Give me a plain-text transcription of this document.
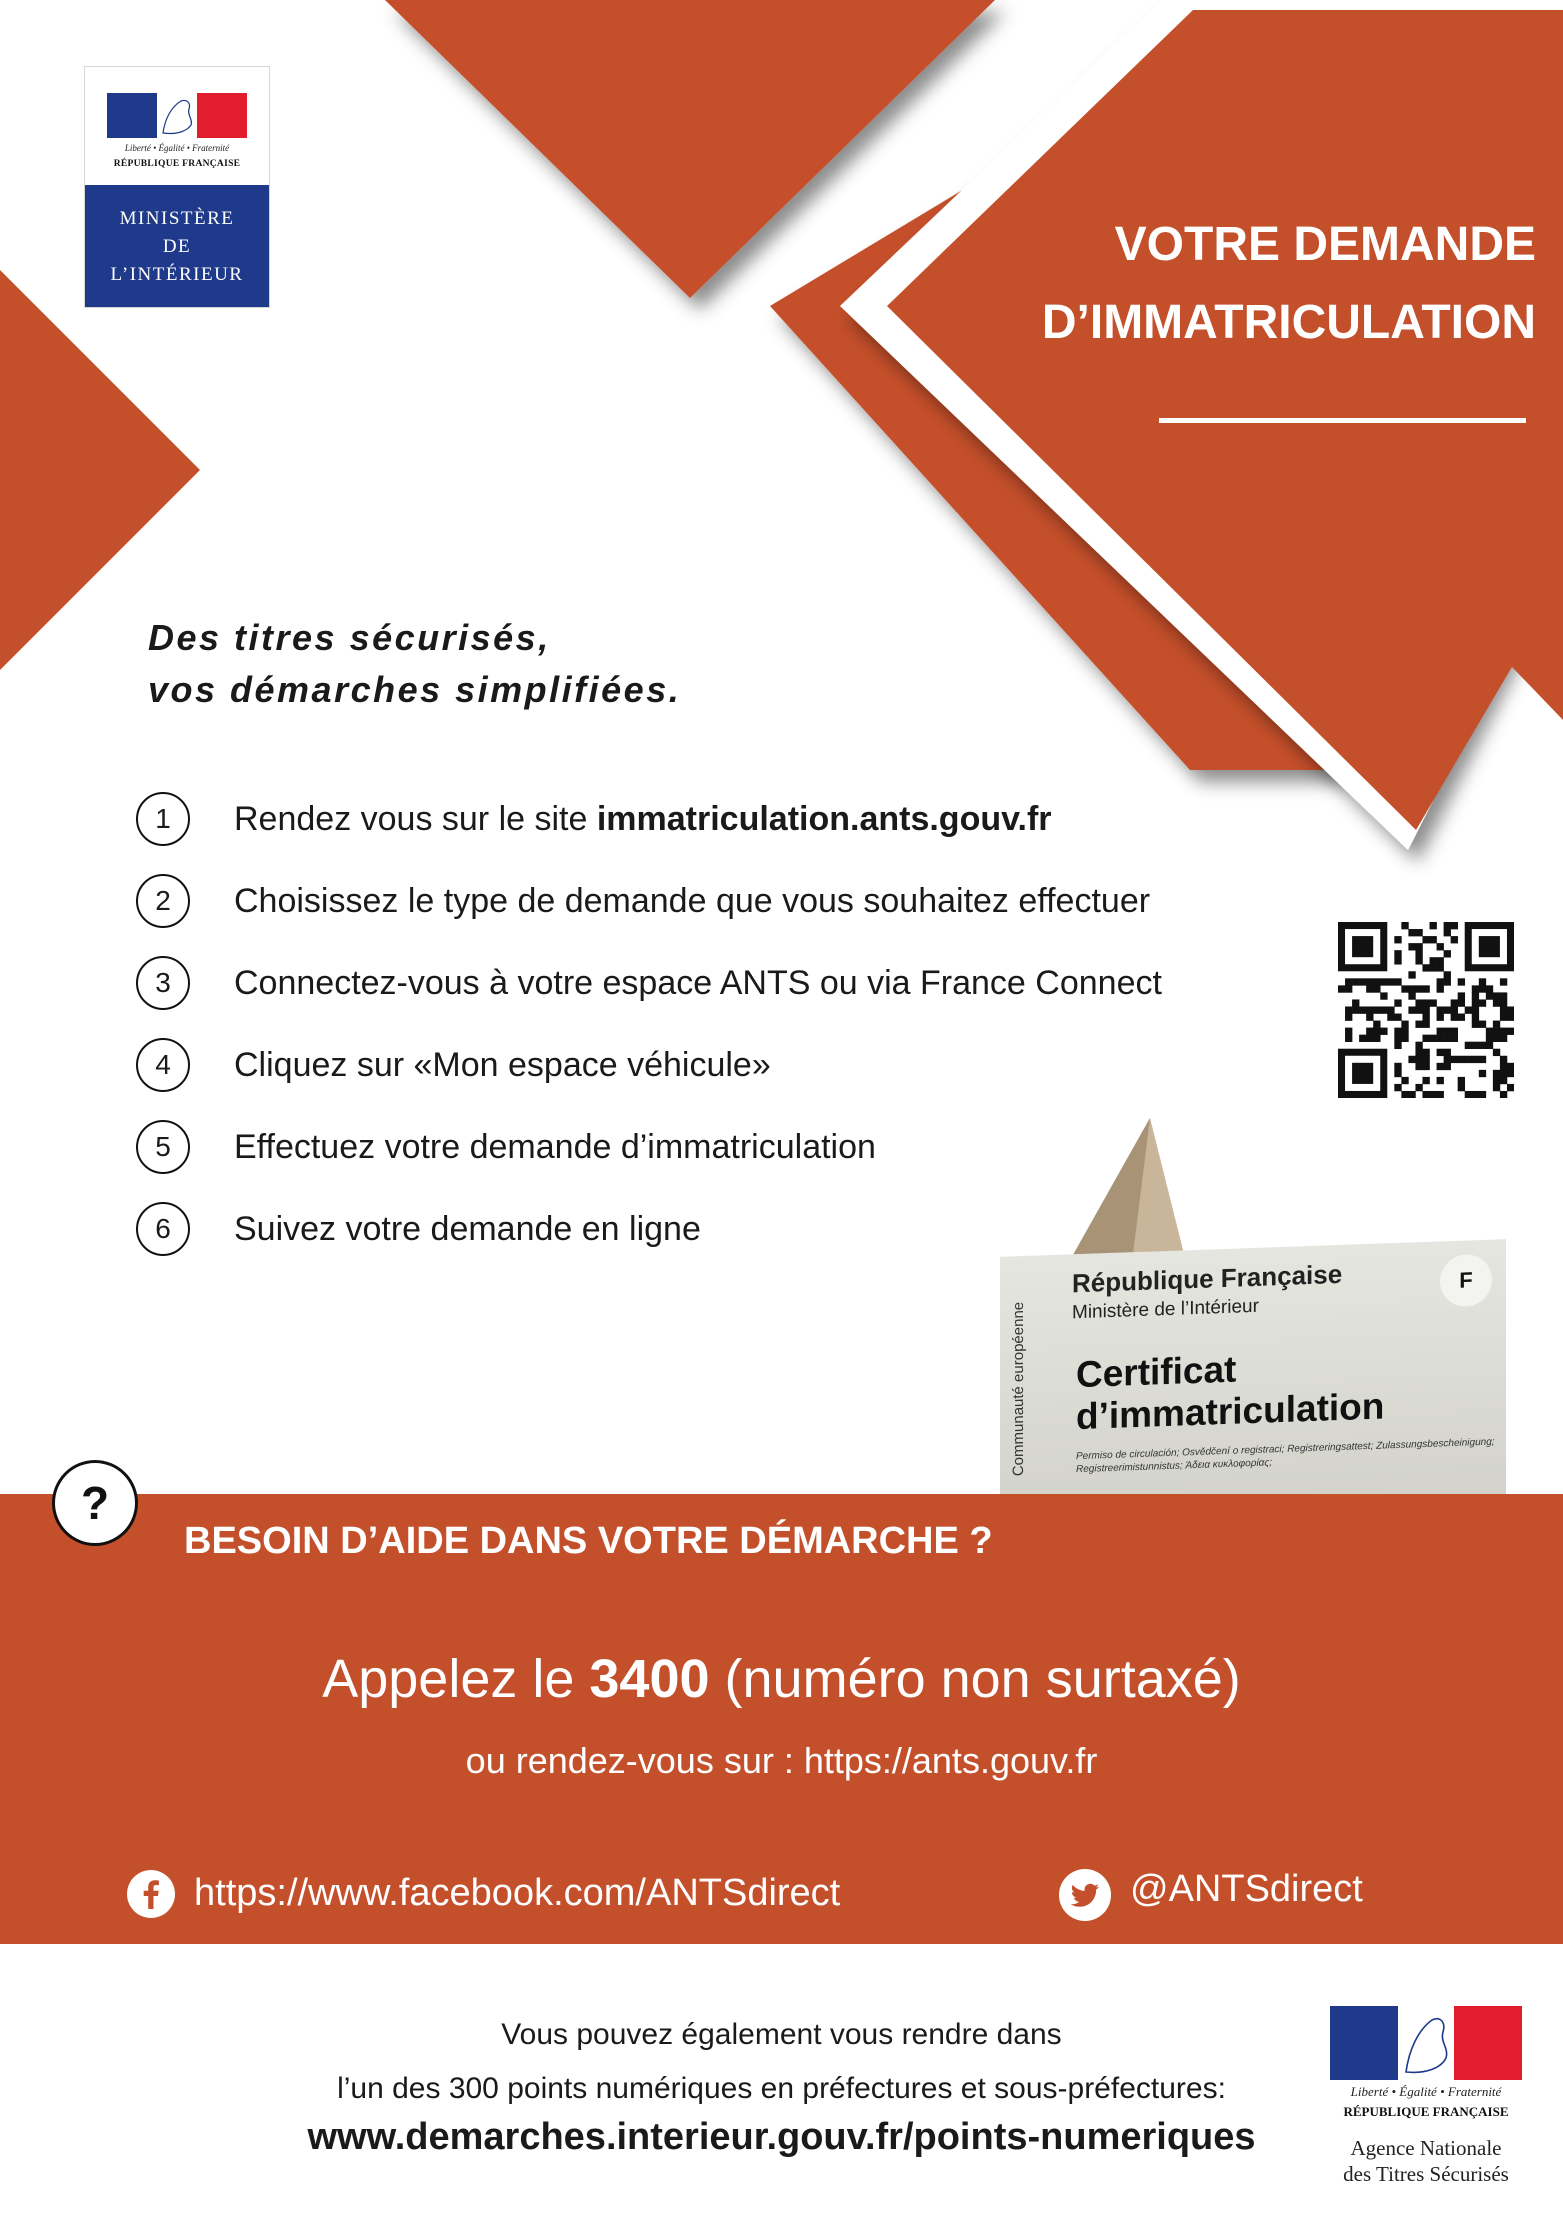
Liberté • Égalité • Fraternité
RÉPUBLIQUE FRANÇAISE
MINISTÈRE
DE
L’INTÉRIEUR
VOTRE DEMANDE
D’IMMATRICULATION
Des titres sécurisés,
vos démarches simplifiées.
1	Rendez vous sur le site immatriculation.ants.gouv.fr
2	Choisissez le type de demande que vous souhaitez effectuer
3	Connectez-vous à votre espace ANTS ou via France Connect
4	Cliquez sur «Mon espace véhicule»
5	Effectuez votre demande d’immatriculation
6	Suivez votre demande en ligne
Communauté européenne
République Française
Ministère de l’Intérieur
F
Certificat
d’immatriculation
Permiso de circulación; Osvědčení o registraci; Registreringsattest; Zulassungsbescheinigung; Registreerimistunnistus; Άδεια κυκλοφορίας;
?
BESOIN D’AIDE DANS VOTRE DÉMARCHE ?
Appelez le 3400 (numéro non surtaxé)
ou rendez-vous sur : https://ants.gouv.fr
https://www.facebook.com/ANTSdirect	@ANTSdirect
Vous pouvez également vous rendre dans
l’un des 300 points numériques en préfectures et sous-préfectures:
www.demarches.interieur.gouv.fr/points-numeriques
Liberté • Égalité • Fraternité
RÉPUBLIQUE FRANÇAISE
Agence Nationale
des Titres Sécurisés
